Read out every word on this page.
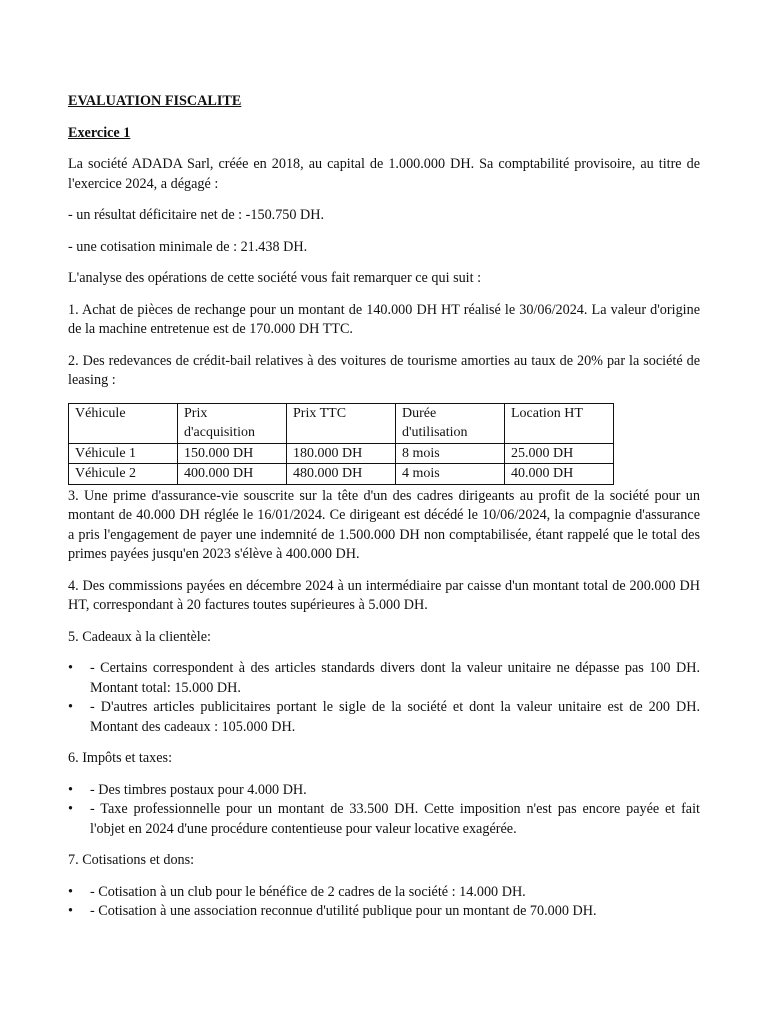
EVALUATION FISCALITE
Exercice 1

La société ADADA Sarl, créée en 2018, au capital de 1.000.000 DH. Sa comptabilité provisoire, au titre de l'exercice 2024, a dégagé :

- un résultat déficitaire net de : -150.750 DH.

- une cotisation minimale de : 21.438 DH.

L'analyse des opérations de cette société vous fait remarquer ce qui suit :

1. Achat de pièces de rechange pour un montant de 140.000 DH HT réalisé le 30/06/2024. La valeur d'origine de la machine entretenue est de 170.000 DH TTC.

2. Des redevances de crédit-bail relatives à des voitures de tourisme amorties au taux de 20% par la société de leasing :

Véhicule	Prix d'acquisition	Prix TTC	Durée d'utilisation	Location HT
Véhicule 1	150.000 DH	180.000 DH	8 mois	25.000 DH
Véhicule 2	400.000 DH	480.000 DH	4 mois	40.000 DH

3. Une prime d'assurance-vie souscrite sur la tête d'un des cadres dirigeants au profit de la société pour un montant de 40.000 DH réglée le 16/01/2024. Ce dirigeant est décédé le 10/06/2024, la compagnie d'assurance a pris l'engagement de payer une indemnité de 1.500.000 DH non comptabilisée, étant rappelé que le total des primes payées jusqu'en 2023 s'élève à 400.000 DH.

4. Des commissions payées en décembre 2024 à un intermédiaire par caisse d'un montant total de 200.000 DH HT, correspondant à 20 factures toutes supérieures à 5.000 DH.

5. Cadeaux à la clientèle:

• - Certains correspondent à des articles standards divers dont la valeur unitaire ne dépasse pas 100 DH. Montant total: 15.000 DH.
• - D'autres articles publicitaires portant le sigle de la société et dont la valeur unitaire est de 200 DH. Montant des cadeaux : 105.000 DH.

6. Impôts et taxes:

• - Des timbres postaux pour 4.000 DH.
• - Taxe professionnelle pour un montant de 33.500 DH. Cette imposition n'est pas encore payée et fait l'objet en 2024 d'une procédure contentieuse pour valeur locative exagérée.

7. Cotisations et dons:

• - Cotisation à un club pour le bénéfice de 2 cadres de la société : 14.000 DH.
• - Cotisation à une association reconnue d'utilité publique pour un montant de 70.000 DH.
